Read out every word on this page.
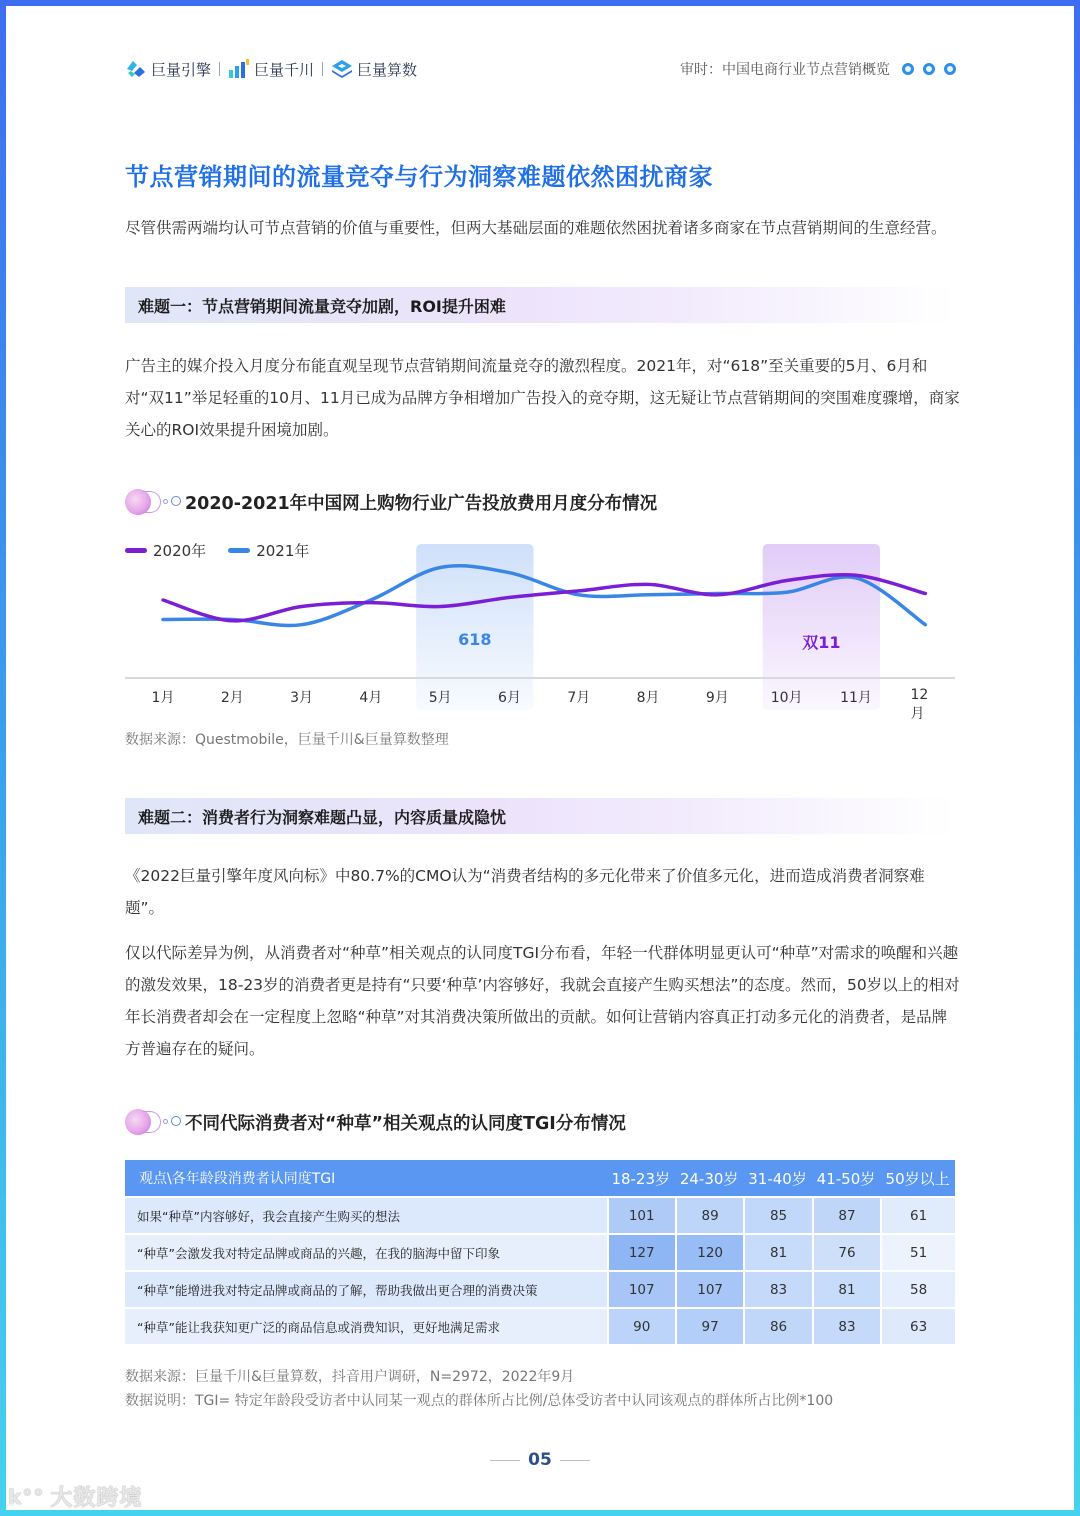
巨量引擎	巨量千川	巨量算数	审时：中国电商行业节点营销概览
节点营销期间的流量竞夺与行为洞察难题依然困扰商家

尽管供需两端均认可节点营销的价值与重要性，但两大基础层面的难题依然困扰着诸多商家在节点营销期间的生意经营。

难题一：节点营销期间流量竞夺加剧，ROI提升困难

广告主的媒介投入月度分布能直观呈现节点营销期间流量竞夺的激烈程度。2021年，对“618”至关重要的5月、6月和对“双11”举足轻重的10月、11月已成为品牌方争相增加广告投入的竞夺期，这无疑让节点营销期间的突围难度骤增，商家关心的ROI效果提升困境加剧。

2020-2021年中国网上购物行业广告投放费用月度分布情况
618	双11
1月	2月	3月	4月	5月	6月	7月	8月	9月	10月	11月	12月
2020年	2021年
数据来源：Questmobile，巨量千川&巨量算数整理
难题二：消费者行为洞察难题凸显，内容质量成隐忧

《2022巨量引擎年度风向标》中80.7%的CMO认为“消费者结构的多元化带来了价值多元化，进而造成消费者洞察难题”。

仅以代际差异为例，从消费者对“种草”相关观点的认同度TGI分布看，年轻一代群体明显更认可“种草”对需求的唤醒和兴趣的激发效果，18-23岁的消费者更是持有“只要‘种草’内容够好，我就会直接产生购买想法”的态度。然而，50岁以上的相对年长消费者却会在一定程度上忽略“种草”对其消费决策所做出的贡献。如何让营销内容真正打动多元化的消费者，是品牌方普遍存在的疑问。

不同代际消费者对“种草”相关观点的认同度TGI分布情况
观点\各年龄段消费者认同度TGI	18-23岁	24-30岁	31-40岁	41-50岁	50岁以上
如果“种草”内容够好，我会直接产生购买的想法	101	89	85	87	61
“种草”会激发我对特定品牌或商品的兴趣，在我的脑海中留下印象	127	120	81	76	51
“种草”能增进我对特定品牌或商品的了解，帮助我做出更合理的消费决策	107	107	83	81	58
“种草”能让我获知更广泛的商品信息或消费知识，更好地满足需求	90	97	86	83	63
数据来源：巨量千川&巨量算数，抖音用户调研，N=2972，2022年9月
数据说明：TGI= 特定年龄段受访者中认同某一观点的群体所占比例/总体受访者中认同该观点的群体所占比例*100
05
k°° 大数跨境
